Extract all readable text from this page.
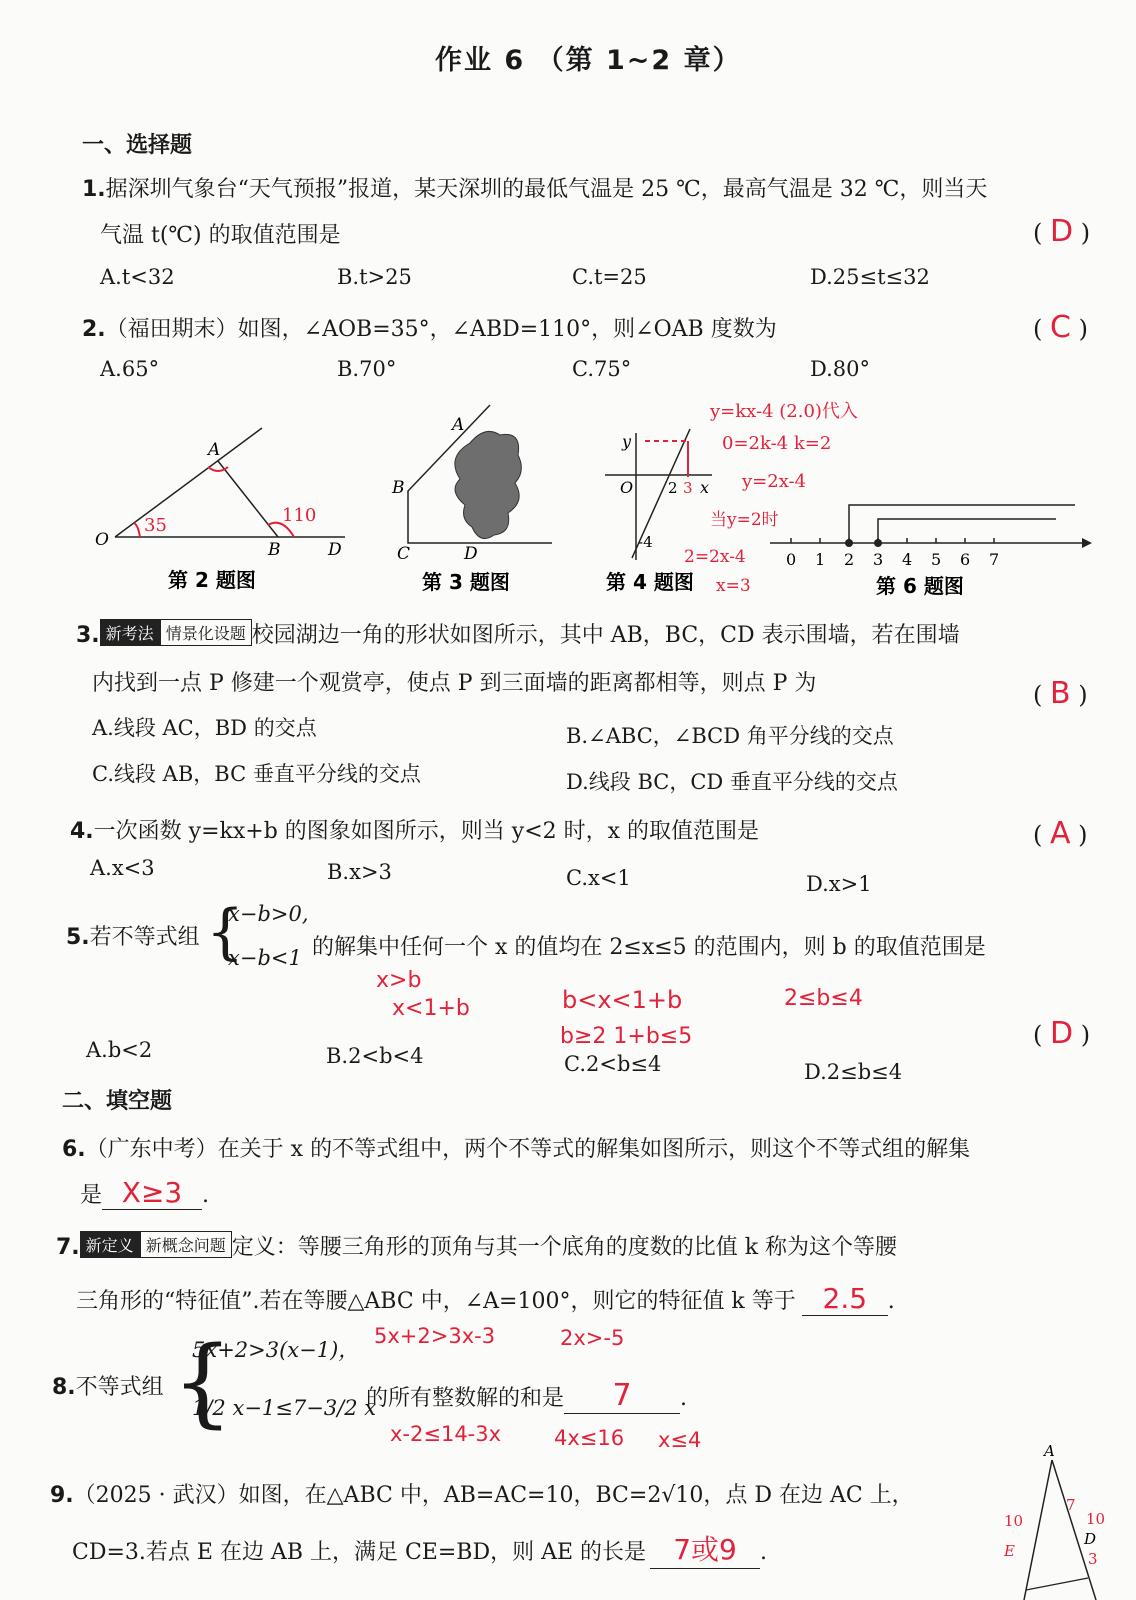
作业 6 （第 1~2 章）
一、选择题
1.据深圳气象台“天气预报”报道，某天深圳的最低气温是 25 ℃，最高气温是 32 ℃，则当天
气温 t(℃) 的取值范围是	( D )
A.t<32	B.t>25	C.t=25	D.25≤t≤32
2.（福田期末）如图，∠AOB=35°，∠ABD=110°，则∠OAB 度数为	( C )
A.65°	B.70°	C.75°	D.80°
A
O	B	D
35	110
第 2 题图
A
B
C	D
第 3 题图
y
O 2 3 x
-4
第 4 题图
y=kx-4 (2.0)代入
0=2k-4 k=2
y=2x-4
当y=2时
2=2x-4
x=3
0 1 2 3 4 5 6 7
第 6 题图
3. 新考法 情景化设题 校园湖边一角的形状如图所示，其中 AB，BC，CD 表示围墙，若在围墙
内找到一点 P 修建一个观赏亭，使点 P 到三面墙的距离都相等，则点 P 为	( B )
A.线段 AC，BD 的交点	B.∠ABC，∠BCD 角平分线的交点
C.线段 AB，BC 垂直平分线的交点	D.线段 BC，CD 垂直平分线的交点
4.一次函数 y=kx+b 的图象如图所示，则当 y<2 时，x 的取值范围是	( A )
A.x<3	B.x>3	C.x<1	D.x>1
5.若不等式组 {
x−b>0,
x−b<1 的解集中任何一个 x 的值均在 2≤x≤5 的范围内，则 b 的取值范围是
x>b
x<1+b	b<x<1+b	2≤b≤4
b≥2 1+b≤5	( D )
A.b<2	B.2<b<4	C.2<b≤4	D.2≤b≤4
二、填空题
6.（广东中考）在关于 x 的不等式组中，两个不等式的解集如图所示，则这个不等式组的解集
是 X≥3 .
7. 新定义 新概念问题 定义：等腰三角形的顶角与其一个底角的度数的比值 k 称为这个等腰
三角形的“特征值”.若在等腰△ABC 中，∠A=100°，则它的特征值 k 等于 2.5 .
8.不等式组 {
5x+2>3(x−1)，
1/2 x−1≤7−3/2 x
5x+2>3x-3	2x>-5
的所有整数解的和是 7 .
x-2≤14-3x	4x≤16 x≤4
9.（2025 · 武汉）如图，在△ABC 中，AB=AC=10，BC=2√10，点 D 在边 AC 上，
CD=3.若点 E 在边 AB 上，满足 CE=BD，则 AE 的长是 7或9 .
A
D
E
10
7
10
3
